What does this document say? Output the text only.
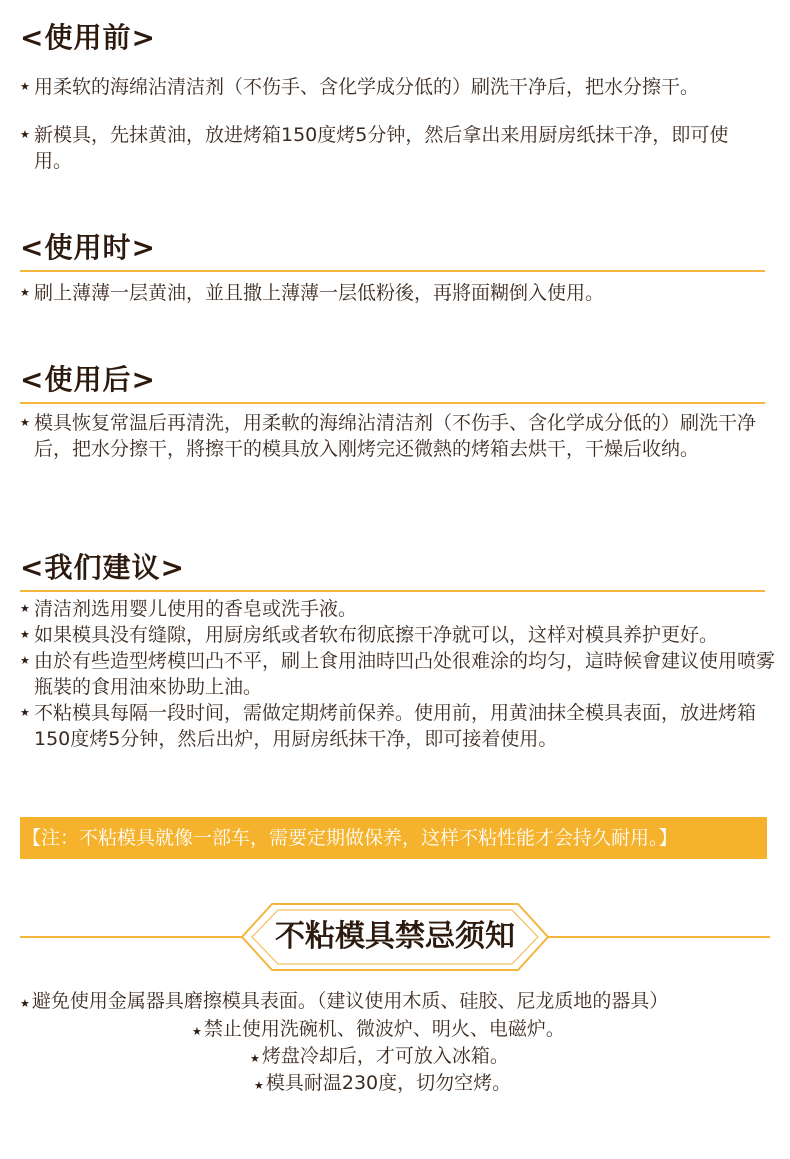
<使用前>
★ 用柔软的海绵沾清洁剂（不伤手、含化学成分低的）刷洗干净后，把水分擦干。
★ 新模具，先抹黄油，放进烤箱150度烤5分钟，然后拿出来用厨房纸抹干净，即可使用。
<使用时>
★ 刷上薄薄一层黄油，並且撒上薄薄一层低粉後，再將面糊倒入使用。
<使用后>
★ 模具恢复常温后再清洗，用柔軟的海绵沾清洁剂（不伤手、含化学成分低的）刷洗干净后，把水分擦干，將擦干的模具放入刚烤完还微熱的烤箱去烘干，干燥后收纳。
<我们建议>
★ 清洁剂选用婴儿使用的香皂或洗手液。
★ 如果模具没有缝隙，用厨房纸或者软布彻底擦干净就可以，这样对模具养护更好。
★ 由於有些造型烤模凹凸不平，刷上食用油時凹凸处很难涂的均匀，這時候會建议使用喷雾瓶裝的食用油來协助上油。
★ 不粘模具每隔一段时间，需做定期烤前保养。使用前，用黄油抹全模具表面，放进烤箱150度烤5分钟，然后出炉，用厨房纸抹干净，即可接着使用。
【注：不粘模具就像一部车，需要定期做保养，这样不粘性能才会持久耐用。】
不粘模具禁忌须知
★ 避免使用金属器具磨擦模具表面。（建议使用木质、硅胶、尼龙质地的器具）
★ 禁止使用洗碗机、微波炉、明火、电磁炉。
★ 烤盘冷却后，才可放入冰箱。
★ 模具耐温230度，切勿空烤。
